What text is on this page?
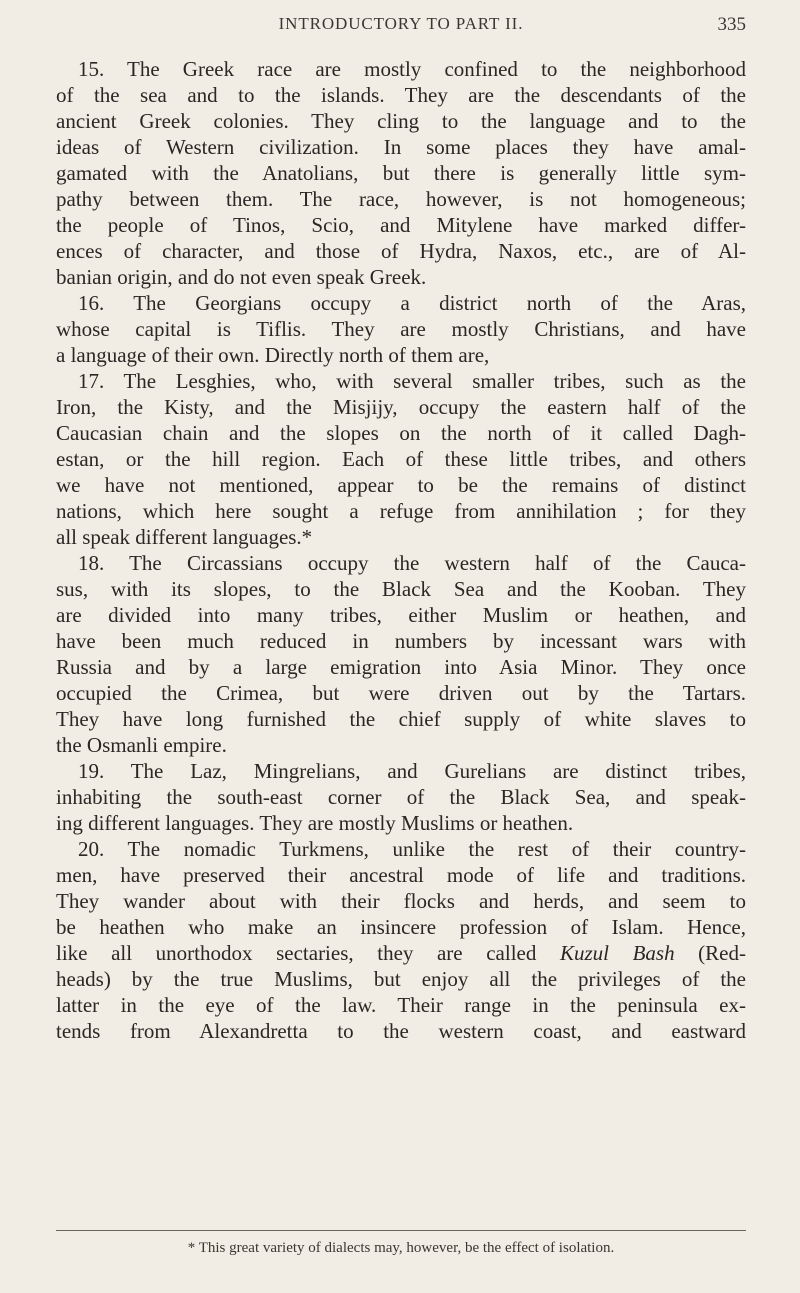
INTRODUCTORY TO PART II.	335
15. The Greek race are mostly confined to the neighborhood
of the sea and to the islands. They are the descendants of the
ancient Greek colonies. They cling to the language and to the
ideas of Western civilization. In some places they have amal-
gamated with the Anatolians, but there is generally little sym-
pathy between them. The race, however, is not homogeneous;
the people of Tinos, Scio, and Mitylene have marked differ-
ences of character, and those of Hydra, Naxos, etc., are of Al-
banian origin, and do not even speak Greek.
16. The Georgians occupy a district north of the Aras,
whose capital is Tiflis. They are mostly Christians, and have
a language of their own. Directly north of them are,
17. The Lesghies, who, with several smaller tribes, such as the
Iron, the Kisty, and the Misjijy, occupy the eastern half of the
Caucasian chain and the slopes on the north of it called Dagh-
estan, or the hill region. Each of these little tribes, and others
we have not mentioned, appear to be the remains of distinct
nations, which here sought a refuge from annihilation ; for they
all speak different languages.*
18. The Circassians occupy the western half of the Cauca-
sus, with its slopes, to the Black Sea and the Kooban. They
are divided into many tribes, either Muslim or heathen, and
have been much reduced in numbers by incessant wars with
Russia and by a large emigration into Asia Minor. They once
occupied the Crimea, but were driven out by the Tartars.
They have long furnished the chief supply of white slaves to
the Osmanli empire.
19. The Laz, Mingrelians, and Gurelians are distinct tribes,
inhabiting the south-east corner of the Black Sea, and speak-
ing different languages. They are mostly Muslims or heathen.
20. The nomadic Turkmens, unlike the rest of their country-
men, have preserved their ancestral mode of life and traditions.
They wander about with their flocks and herds, and seem to
be heathen who make an insincere profession of Islam. Hence,
like all unorthodox sectaries, they are called Kuzul Bash (Red-
heads) by the true Muslims, but enjoy all the privileges of the
latter in the eye of the law. Their range in the peninsula ex-
tends from Alexandretta to the western coast, and eastward
* This great variety of dialects may, however, be the effect of isolation.
